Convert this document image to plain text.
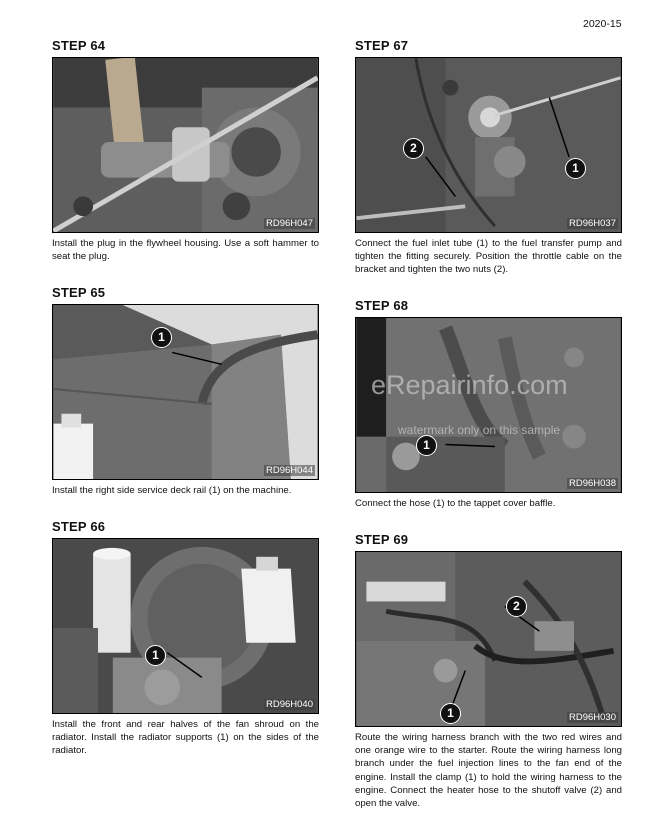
2020-15
STEP 64
RD96H047
Install the plug in the flywheel housing. Use a soft hammer to seat the plug.
STEP 65
1
RD96H044
Install the right side service deck rail (1) on the machine.
STEP 66
1
RD96H040
Install the front and rear halves of the fan shroud on the radiator. Install the radiator supports (1) on the sides of the radiator.
STEP 67
2
1
RD96H037
Connect the fuel inlet tube (1) to the fuel transfer pump and tighten the fitting securely. Position the throttle cable on the bracket and tighten the two nuts (2).
STEP 68
1
RD96H038
Connect the hose (1) to the tappet cover baffle.
STEP 69
2
1	RD96H030
Route the wiring harness branch with the two red wires and one orange wire to the starter. Route the wiring harness long branch under the fuel injection lines to the fan end of the engine. Install the clamp (1) to hold the wiring harness to the engine. Connect the heater hose to the shutoff valve (2) and open the valve.
eRepairinfo.com
watermark only on this sample
